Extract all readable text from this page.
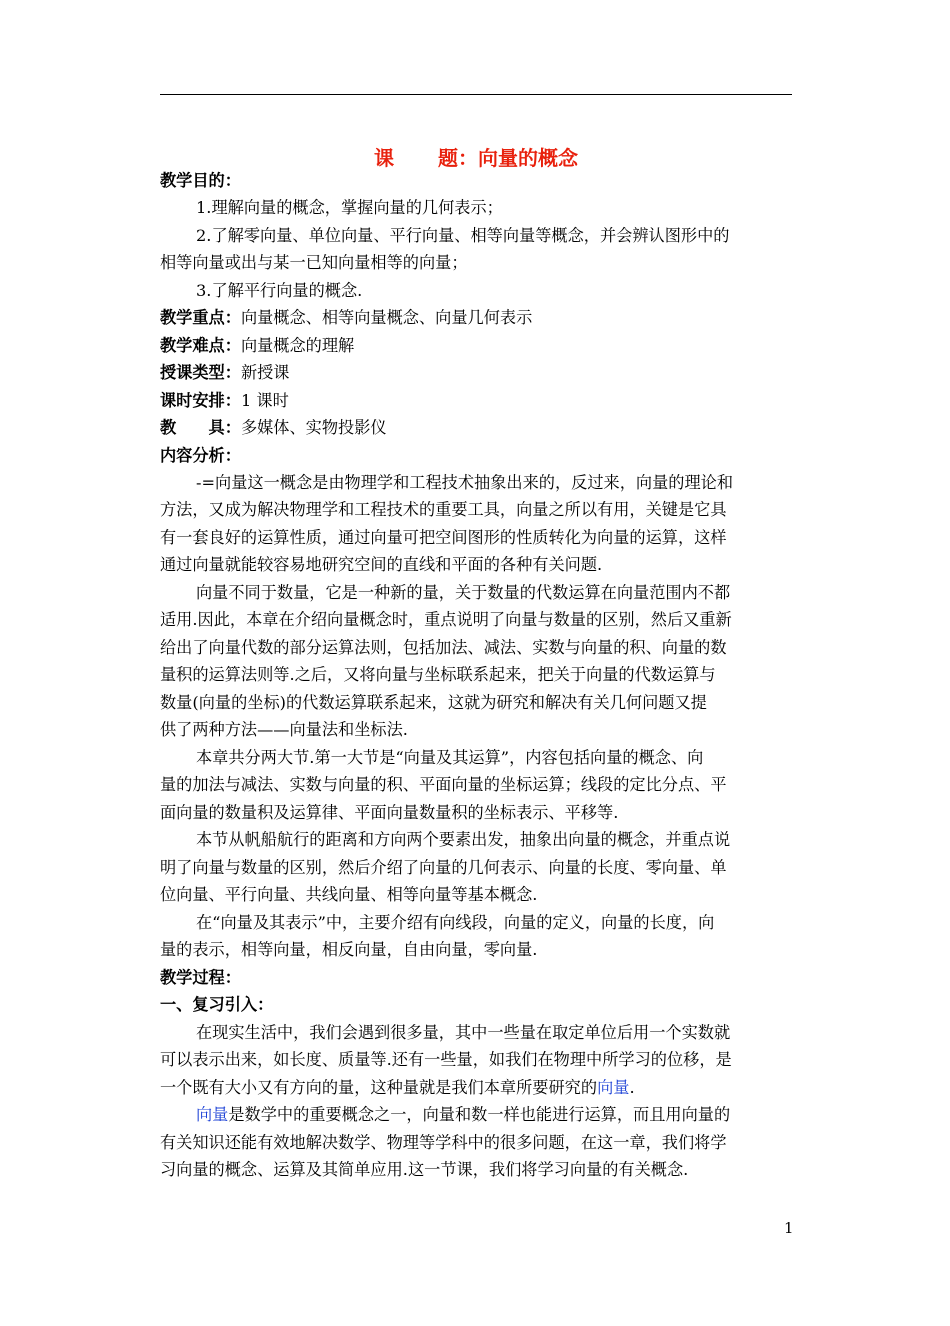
课 题：向量的概念
教学目的：
1.理解向量的概念，掌握向量的几何表示；
2.了解零向量、单位向量、平行向量、相等向量等概念，并会辨认图形中的
相等向量或出与某一已知向量相等的向量；
3.了解平行向量的概念.
教学重点：向量概念、相等向量概念、向量几何表示
教学难点：向量概念的理解
授课类型：新授课
课时安排：1 课时
教　　具：多媒体、实物投影仪
内容分析：
-=向量这一概念是由物理学和工程技术抽象出来的，反过来，向量的理论和
方法，又成为解决物理学和工程技术的重要工具，向量之所以有用，关键是它具
有一套良好的运算性质，通过向量可把空间图形的性质转化为向量的运算，这样
通过向量就能较容易地研究空间的直线和平面的各种有关问题.
向量不同于数量，它是一种新的量，关于数量的代数运算在向量范围内不都
适用.因此，本章在介绍向量概念时，重点说明了向量与数量的区别，然后又重新
给出了向量代数的部分运算法则，包括加法、减法、实数与向量的积、向量的数
量积的运算法则等.之后，又将向量与坐标联系起来，把关于向量的代数运算与
数量(向量的坐标)的代数运算联系起来，这就为研究和解决有关几何问题又提
供了两种方法——向量法和坐标法.
本章共分两大节.第一大节是“向量及其运算”，内容包括向量的概念、向
量的加法与减法、实数与向量的积、平面向量的坐标运算；线段的定比分点、平
面向量的数量积及运算律、平面向量数量积的坐标表示、平移等.
本节从帆船航行的距离和方向两个要素出发，抽象出向量的概念，并重点说
明了向量与数量的区别，然后介绍了向量的几何表示、向量的长度、零向量、单
位向量、平行向量、共线向量、相等向量等基本概念.
在“向量及其表示”中，主要介绍有向线段，向量的定义，向量的长度，向
量的表示，相等向量，相反向量，自由向量，零向量.
教学过程：
一、复习引入：
在现实生活中，我们会遇到很多量，其中一些量在取定单位后用一个实数就
可以表示出来，如长度、质量等.还有一些量，如我们在物理中所学习的位移，是
一个既有大小又有方向的量，这种量就是我们本章所要研究的向量.
向量是数学中的重要概念之一，向量和数一样也能进行运算，而且用向量的
有关知识还能有效地解决数学、物理等学科中的很多问题，在这一章，我们将学
习向量的概念、运算及其简单应用.这一节课，我们将学习向量的有关概念.
1
